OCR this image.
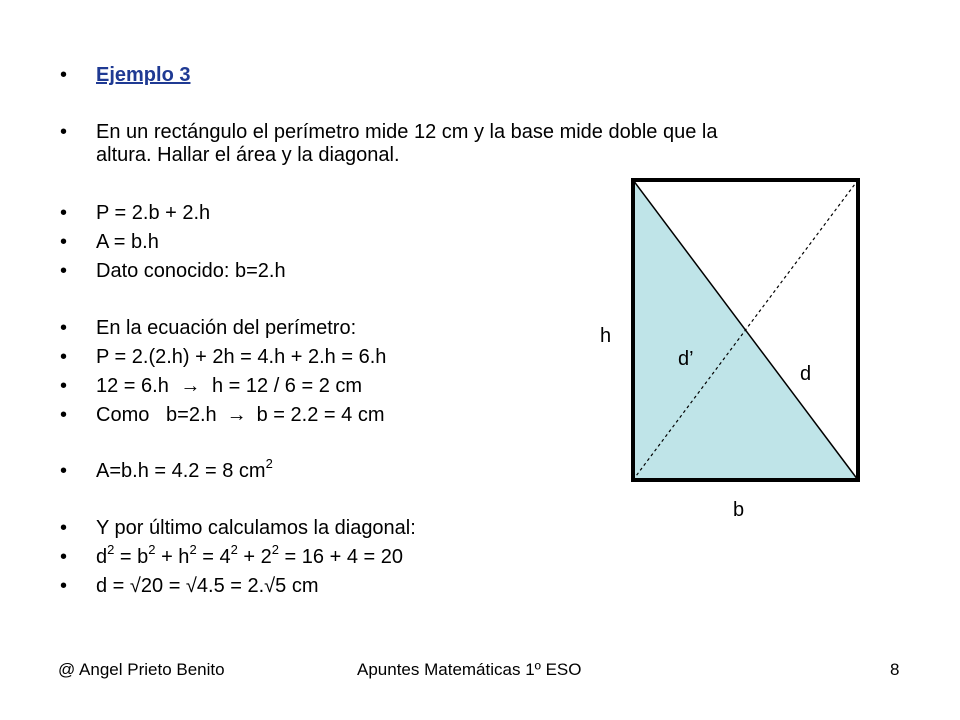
•
•
•
•
•
•
•
•
•
•
•
•
•
Ejemplo 3
En un rectángulo el perímetro mide 12 cm y la base mide doble que la
altura. Hallar el área y la diagonal.
P = 2.b + 2.h
A = b.h
Dato conocido: b=2.h
En la ecuación del perímetro:
P = 2.(2.h) + 2h = 4.h + 2.h = 6.h
12 = 6.h → h = 12 / 6 = 2 cm
Como   b=2.h → b = 2.2 = 4 cm
A=b.h = 4.2 = 8 $cm^2$
Y por último calculamos la diagonal:
$d^2 = b^2 + h^2 = 4^2 + 2^2 = 16 + 4 = 20$
d = √20 = √4.5 = 2.√5 cm
h
d’
d
b
@ Angel Prieto Benito	Apuntes Matemáticas 1º ESO	8
